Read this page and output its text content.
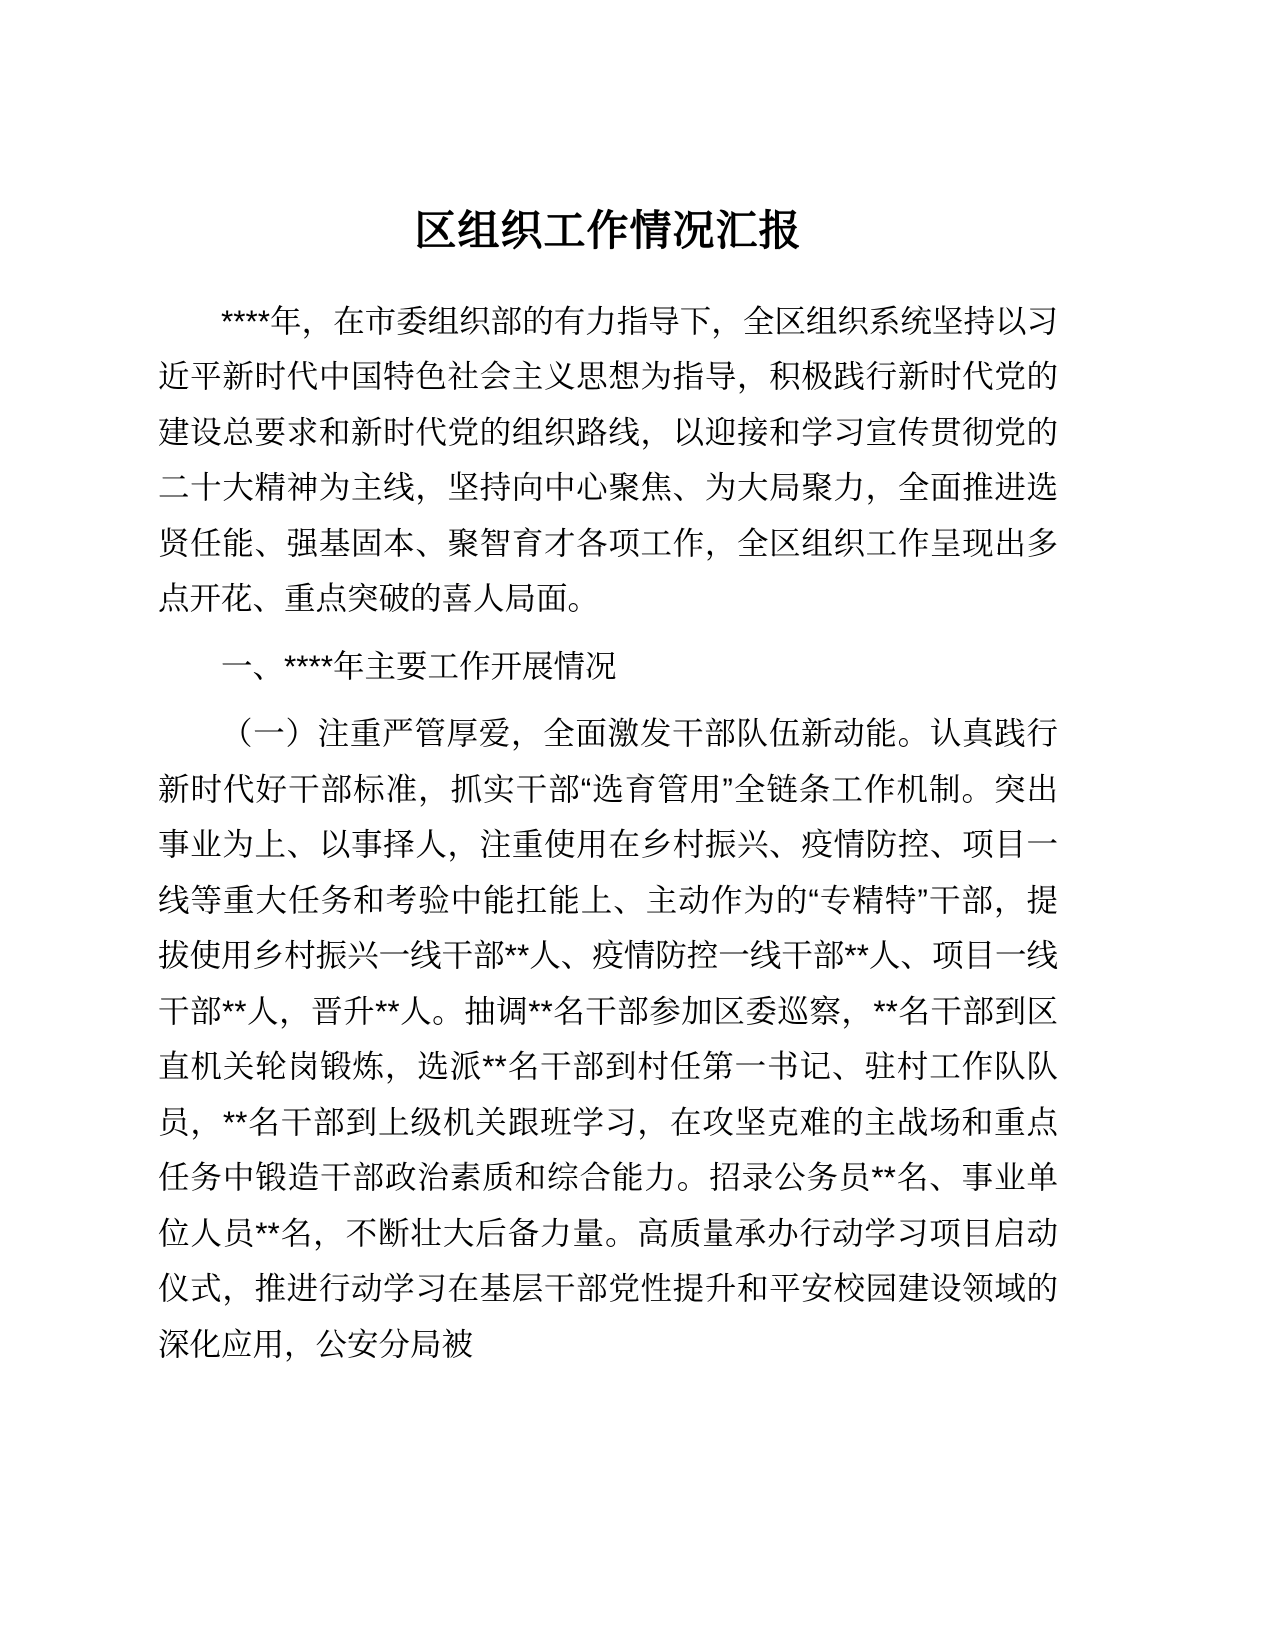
区组织工作情况汇报

****年，在市委组织部的有力指导下，全区组织系统坚持以习近平新时代中国特色社会主义思想为指导，积极践行新时代党的建设总要求和新时代党的组织路线，以迎接和学习宣传贯彻党的二十大精神为主线，坚持向中心聚焦、为大局聚力，全面推进选贤任能、强基固本、聚智育才各项工作，全区组织工作呈现出多点开花、重点突破的喜人局面。

一、****年主要工作开展情况

（一）注重严管厚爱，全面激发干部队伍新动能。认真践行新时代好干部标准，抓实干部“选育管用”全链条工作机制。突出事业为上、以事择人，注重使用在乡村振兴、疫情防控、项目一线等重大任务和考验中能扛能上、主动作为的“专精特”干部，提拔使用乡村振兴一线干部**人、疫情防控一线干部**人、项目一线干部**人，晋升**人。抽调**名干部参加区委巡察，**名干部到区直机关轮岗锻炼，选派**名干部到村任第一书记、驻村工作队队员，**名干部到上级机关跟班学习，在攻坚克难的主战场和重点任务中锻造干部政治素质和综合能力。招录公务员**名、事业单位人员**名，不断壮大后备力量。高质量承办行动学习项目启动仪式，推进行动学习在基层干部党性提升和平安校园建设领域的深化应用，公安分局被
